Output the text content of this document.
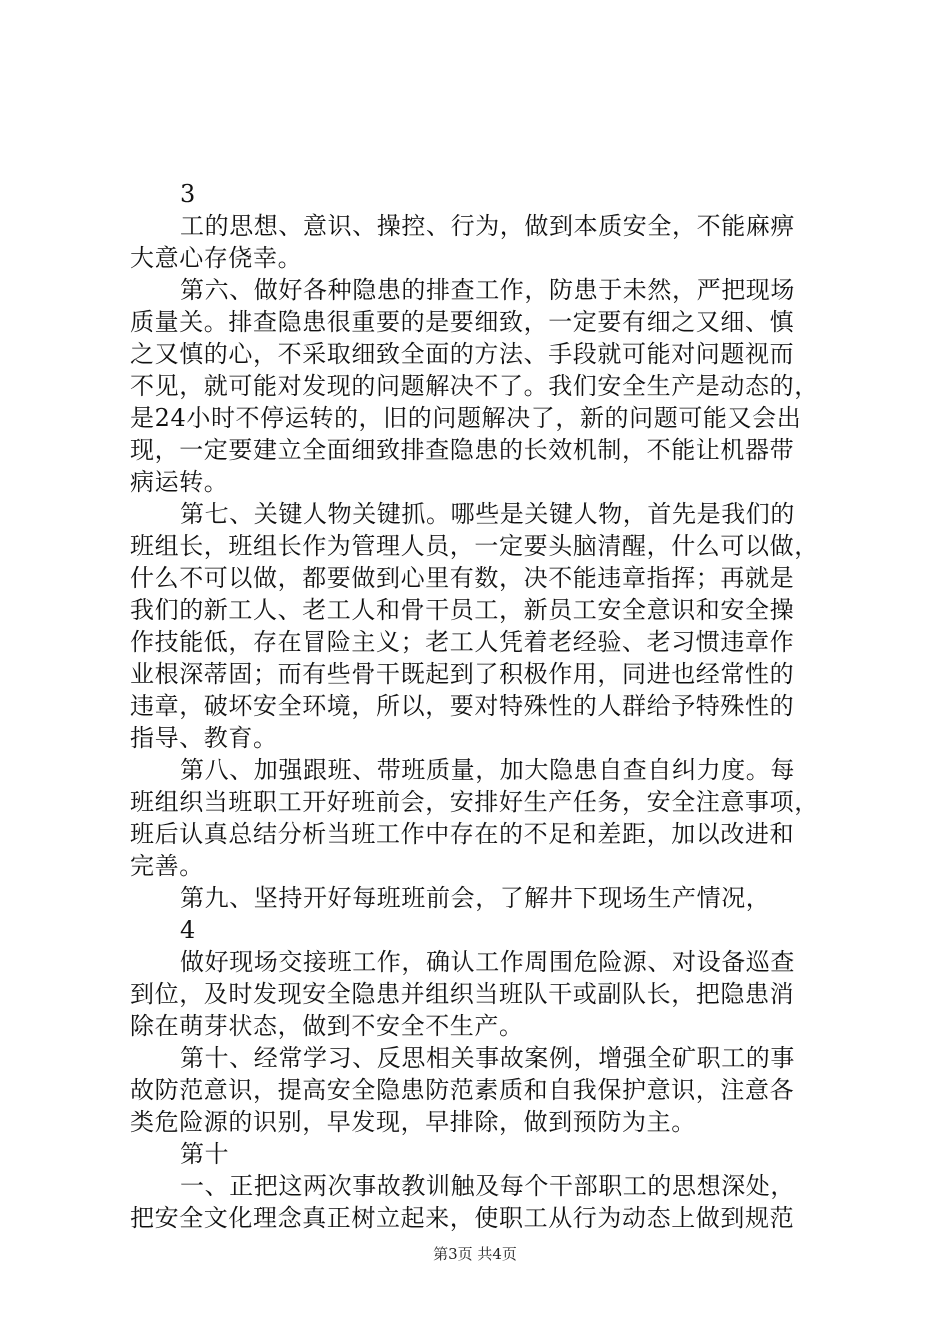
3
工的思想、意识、操控、行为，做到本质安全，不能麻痹
大意心存侥幸。
第六、做好各种隐患的排查工作，防患于未然，严把现场
质量关。排查隐患很重要的是要细致，一定要有细之又细、慎
之又慎的心，不采取细致全面的方法、手段就可能对问题视而
不见，就可能对发现的问题解决不了。我们安全生产是动态的，
是24小时不停运转的，旧的问题解决了，新的问题可能又会出
现，一定要建立全面细致排查隐患的长效机制，不能让机器带
病运转。
第七、关键人物关键抓。哪些是关键人物，首先是我们的
班组长，班组长作为管理人员，一定要头脑清醒，什么可以做，
什么不可以做，都要做到心里有数，决不能违章指挥；再就是
我们的新工人、老工人和骨干员工，新员工安全意识和安全操
作技能低，存在冒险主义；老工人凭着老经验、老习惯违章作
业根深蒂固；而有些骨干既起到了积极作用，同进也经常性的
违章，破坏安全环境，所以，要对特殊性的人群给予特殊性的
指导、教育。
第八、加强跟班、带班质量，加大隐患自查自纠力度。每
班组织当班职工开好班前会，安排好生产任务，安全注意事项，
班后认真总结分析当班工作中存在的不足和差距，加以改进和
完善。
第九、坚持开好每班班前会，了解井下现场生产情况，
4
做好现场交接班工作，确认工作周围危险源、对设备巡查
到位，及时发现安全隐患并组织当班队干或副队长，把隐患消
除在萌芽状态，做到不安全不生产。
第十、经常学习、反思相关事故案例，增强全矿职工的事
故防范意识，提高安全隐患防范素质和自我保护意识，注意各
类危险源的识别，早发现，早排除，做到预防为主。
第十
一、正把这两次事故教训触及每个干部职工的思想深处，
把安全文化理念真正树立起来，使职工从行为动态上做到规范
第3页 共4页
